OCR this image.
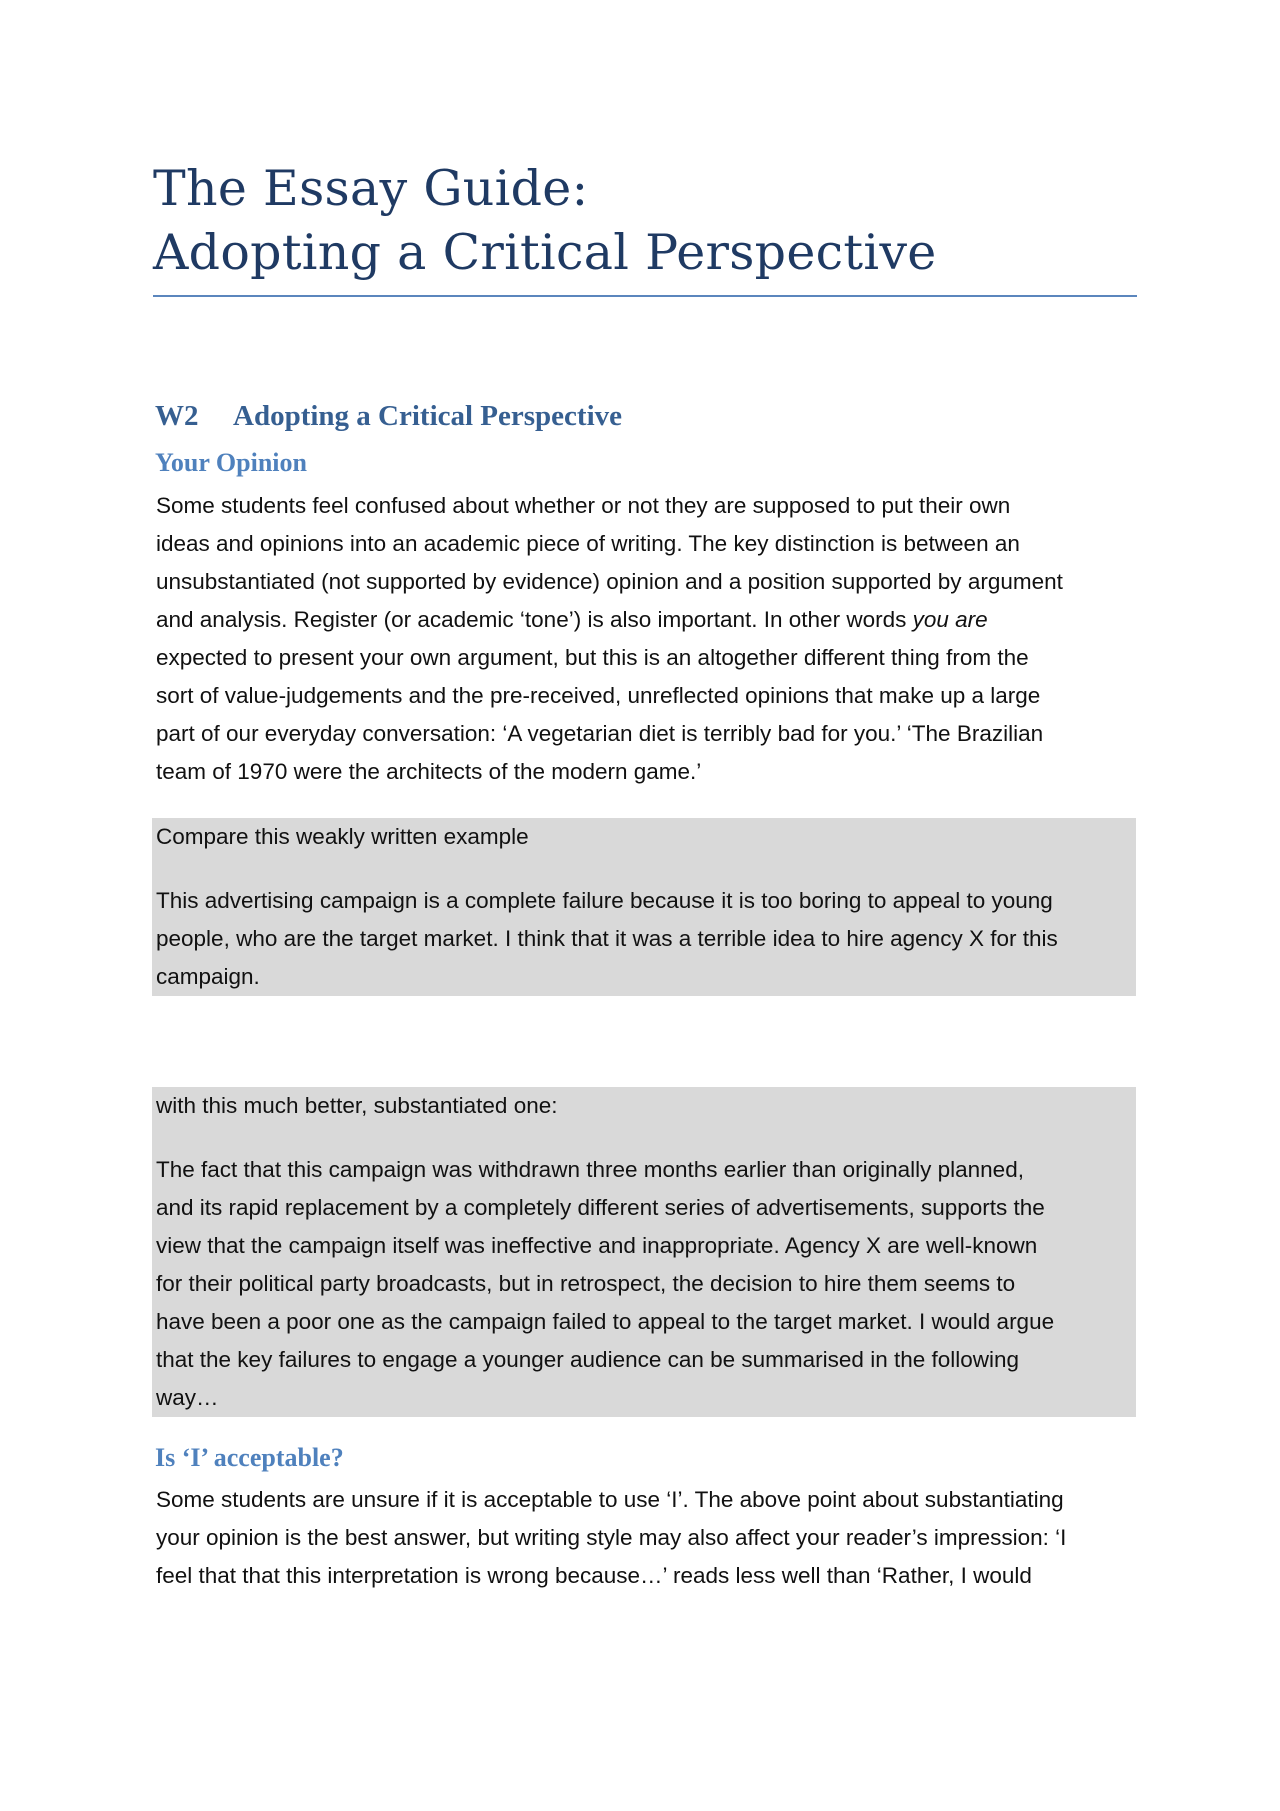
The Essay Guide:
Adopting a Critical Perspective
W2 Adopting a Critical Perspective
Your Opinion
Some students feel confused about whether or not they are supposed to put their own
ideas and opinions into an academic piece of writing. The key distinction is between an
unsubstantiated (not supported by evidence) opinion and a position supported by argument
and analysis. Register (or academic ‘tone’) is also important. In other words you are
expected to present your own argument, but this is an altogether different thing from the
sort of value-judgements and the pre-received, unreflected opinions that make up a large
part of our everyday conversation: ‘A vegetarian diet is terribly bad for you.’ ‘The Brazilian
team of 1970 were the architects of the modern game.’
Compare this weakly written example
This advertising campaign is a complete failure because it is too boring to appeal to young
people, who are the target market. I think that it was a terrible idea to hire agency X for this
campaign.
with this much better, substantiated one:
The fact that this campaign was withdrawn three months earlier than originally planned,
and its rapid replacement by a completely different series of advertisements, supports the
view that the campaign itself was ineffective and inappropriate. Agency X are well-known
for their political party broadcasts, but in retrospect, the decision to hire them seems to
have been a poor one as the campaign failed to appeal to the target market. I would argue
that the key failures to engage a younger audience can be summarised in the following
way…
Is ‘I’ acceptable?
Some students are unsure if it is acceptable to use ‘I’. The above point about substantiating
your opinion is the best answer, but writing style may also affect your reader’s impression: ‘I
feel that that this interpretation is wrong because…’ reads less well than ‘Rather, I would
